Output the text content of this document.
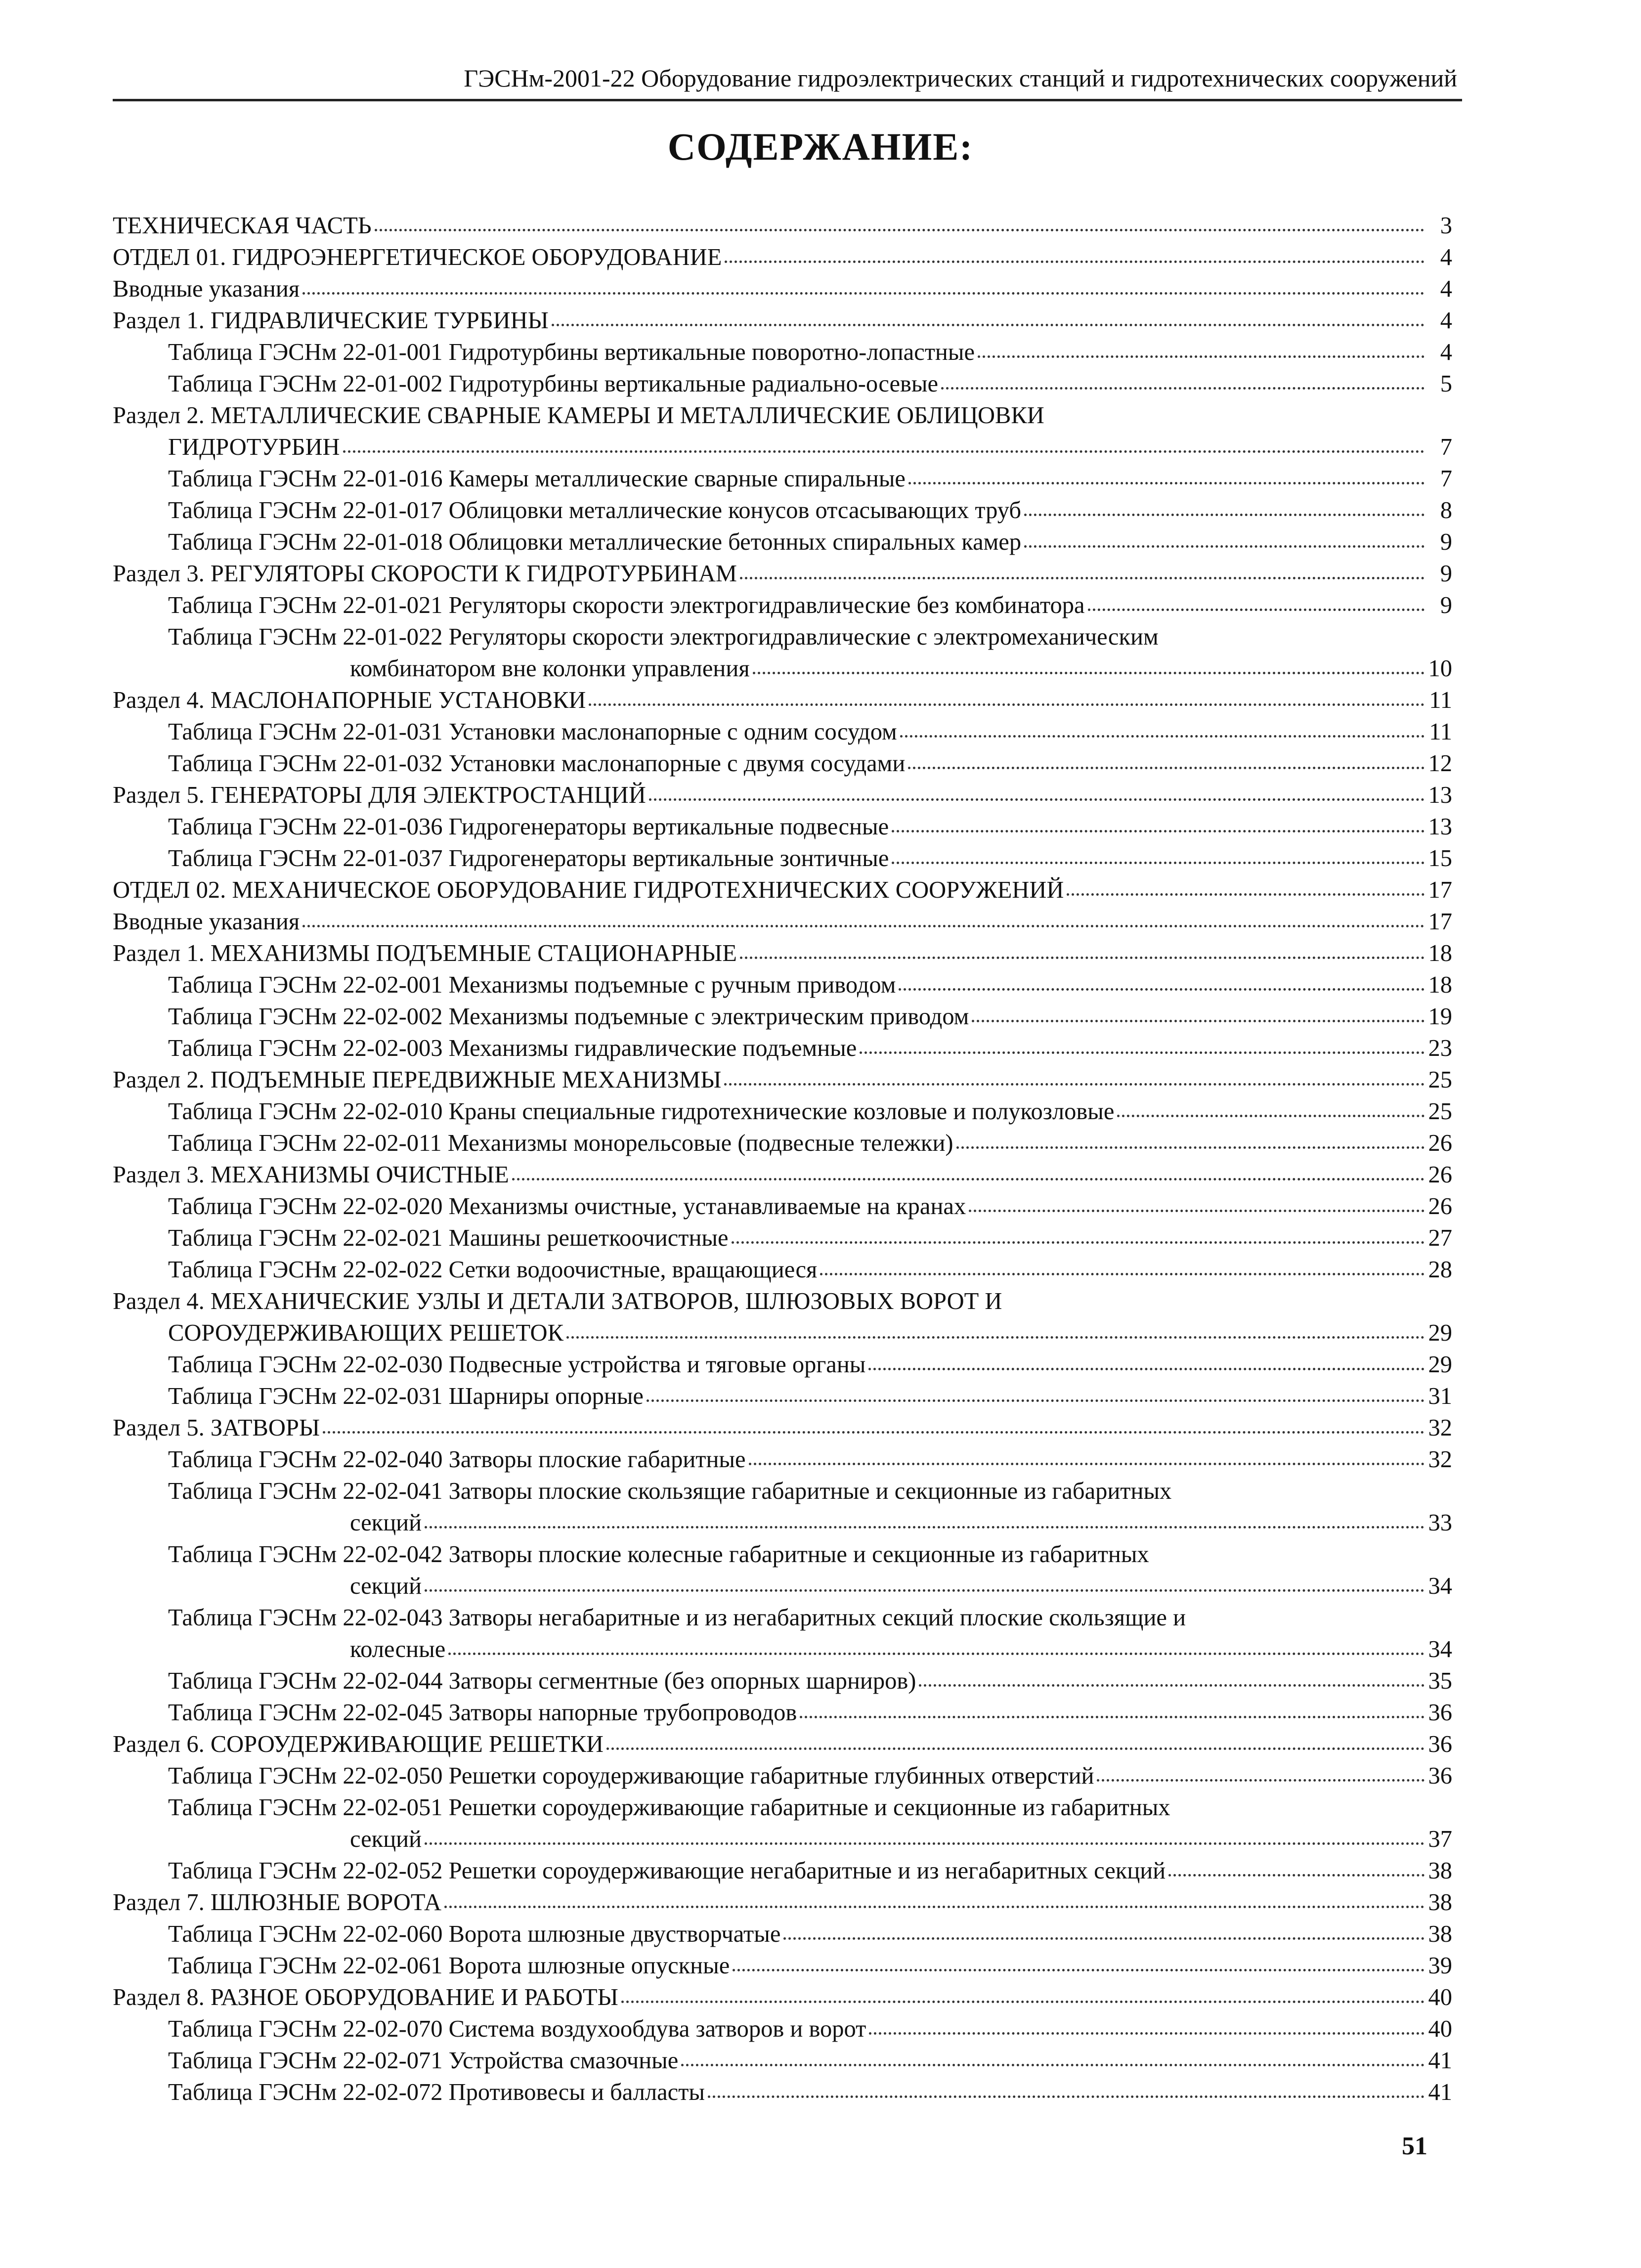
ГЭСНм-2001-22 Оборудование гидроэлектрических станций и гидротехнических сооружений
СОДЕРЖАНИЕ:
ТЕХНИЧЕСКАЯ ЧАСТЬ	3
ОТДЕЛ 01. ГИДРОЭНЕРГЕТИЧЕСКОЕ ОБОРУДОВАНИЕ	4
Вводные указания	4
Раздел 1. ГИДРАВЛИЧЕСКИЕ ТУРБИНЫ	4
Таблица ГЭСНм 22-01-001 Гидротурбины вертикальные поворотно-лопастные	4
Таблица ГЭСНм 22-01-002 Гидротурбины вертикальные радиально-осевые	5
Раздел 2. МЕТАЛЛИЧЕСКИЕ СВАРНЫЕ КАМЕРЫ И МЕТАЛЛИЧЕСКИЕ ОБЛИЦОВКИ
ГИДРОТУРБИН	7
Таблица ГЭСНм 22-01-016 Камеры металлические сварные спиральные	7
Таблица ГЭСНм 22-01-017 Облицовки металлические конусов отсасывающих труб	8
Таблица ГЭСНм 22-01-018 Облицовки металлические бетонных спиральных камер	9
Раздел 3. РЕГУЛЯТОРЫ СКОРОСТИ К ГИДРОТУРБИНАМ	9
Таблица ГЭСНм 22-01-021 Регуляторы скорости электрогидравлические без комбинатора	9
Таблица ГЭСНм 22-01-022 Регуляторы скорости электрогидравлические с электромеханическим
комбинатором вне колонки управления	10
Раздел 4. МАСЛОНАПОРНЫЕ УСТАНОВКИ	11
Таблица ГЭСНм 22-01-031 Установки маслонапорные с одним сосудом	11
Таблица ГЭСНм 22-01-032 Установки маслонапорные с двумя сосудами	12
Раздел 5. ГЕНЕРАТОРЫ ДЛЯ ЭЛЕКТРОСТАНЦИЙ	13
Таблица ГЭСНм 22-01-036 Гидрогенераторы вертикальные подвесные	13
Таблица ГЭСНм 22-01-037 Гидрогенераторы вертикальные зонтичные	15
ОТДЕЛ 02. МЕХАНИЧЕСКОЕ ОБОРУДОВАНИЕ ГИДРОТЕХНИЧЕСКИХ СООРУЖЕНИЙ	17
Вводные указания	17
Раздел 1. МЕХАНИЗМЫ ПОДЪЕМНЫЕ СТАЦИОНАРНЫЕ	18
Таблица ГЭСНм 22-02-001 Механизмы подъемные с ручным приводом	18
Таблица ГЭСНм 22-02-002 Механизмы подъемные с электрическим приводом	19
Таблица ГЭСНм 22-02-003 Механизмы гидравлические подъемные	23
Раздел 2. ПОДЪЕМНЫЕ ПЕРЕДВИЖНЫЕ МЕХАНИЗМЫ	25
Таблица ГЭСНм 22-02-010 Краны специальные гидротехнические козловые и полукозловые	25
Таблица ГЭСНм 22-02-011 Механизмы монорельсовые (подвесные тележки)	26
Раздел 3. МЕХАНИЗМЫ ОЧИСТНЫЕ	26
Таблица ГЭСНм 22-02-020 Механизмы очистные, устанавливаемые на кранах	26
Таблица ГЭСНм 22-02-021 Машины решеткоочистные	27
Таблица ГЭСНм 22-02-022 Сетки водоочистные, вращающиеся	28
Раздел 4. МЕХАНИЧЕСКИЕ УЗЛЫ И ДЕТАЛИ ЗАТВОРОВ, ШЛЮЗОВЫХ ВОРОТ И
СОРОУДЕРЖИВАЮЩИХ РЕШЕТОК	29
Таблица ГЭСНм 22-02-030 Подвесные устройства и тяговые органы	29
Таблица ГЭСНм 22-02-031 Шарниры опорные	31
Раздел 5. ЗАТВОРЫ	32
Таблица ГЭСНм 22-02-040 Затворы плоские габаритные	32
Таблица ГЭСНм 22-02-041 Затворы плоские скользящие габаритные и секционные из габаритных
секций	33
Таблица ГЭСНм 22-02-042 Затворы плоские колесные габаритные и секционные из габаритных
секций	34
Таблица ГЭСНм 22-02-043 Затворы негабаритные и из негабаритных секций плоские скользящие и
колесные	34
Таблица ГЭСНм 22-02-044 Затворы сегментные (без опорных шарниров)	35
Таблица ГЭСНм 22-02-045 Затворы напорные трубопроводов	36
Раздел 6. СОРОУДЕРЖИВАЮЩИЕ РЕШЕТКИ	36
Таблица ГЭСНм 22-02-050 Решетки сороудерживающие габаритные глубинных отверстий	36
Таблица ГЭСНм 22-02-051 Решетки сороудерживающие габаритные и секционные из габаритных
секций	37
Таблица ГЭСНм 22-02-052 Решетки сороудерживающие негабаритные и из негабаритных секций	38
Раздел 7. ШЛЮЗНЫЕ ВОРОТА	38
Таблица ГЭСНм 22-02-060 Ворота шлюзные двустворчатые	38
Таблица ГЭСНм 22-02-061 Ворота шлюзные опускные	39
Раздел 8. РАЗНОЕ ОБОРУДОВАНИЕ И РАБОТЫ	40
Таблица ГЭСНм 22-02-070 Система воздухообдува затворов и ворот	40
Таблица ГЭСНм 22-02-071 Устройства смазочные	41
Таблица ГЭСНм 22-02-072 Противовесы и балласты	41
51
